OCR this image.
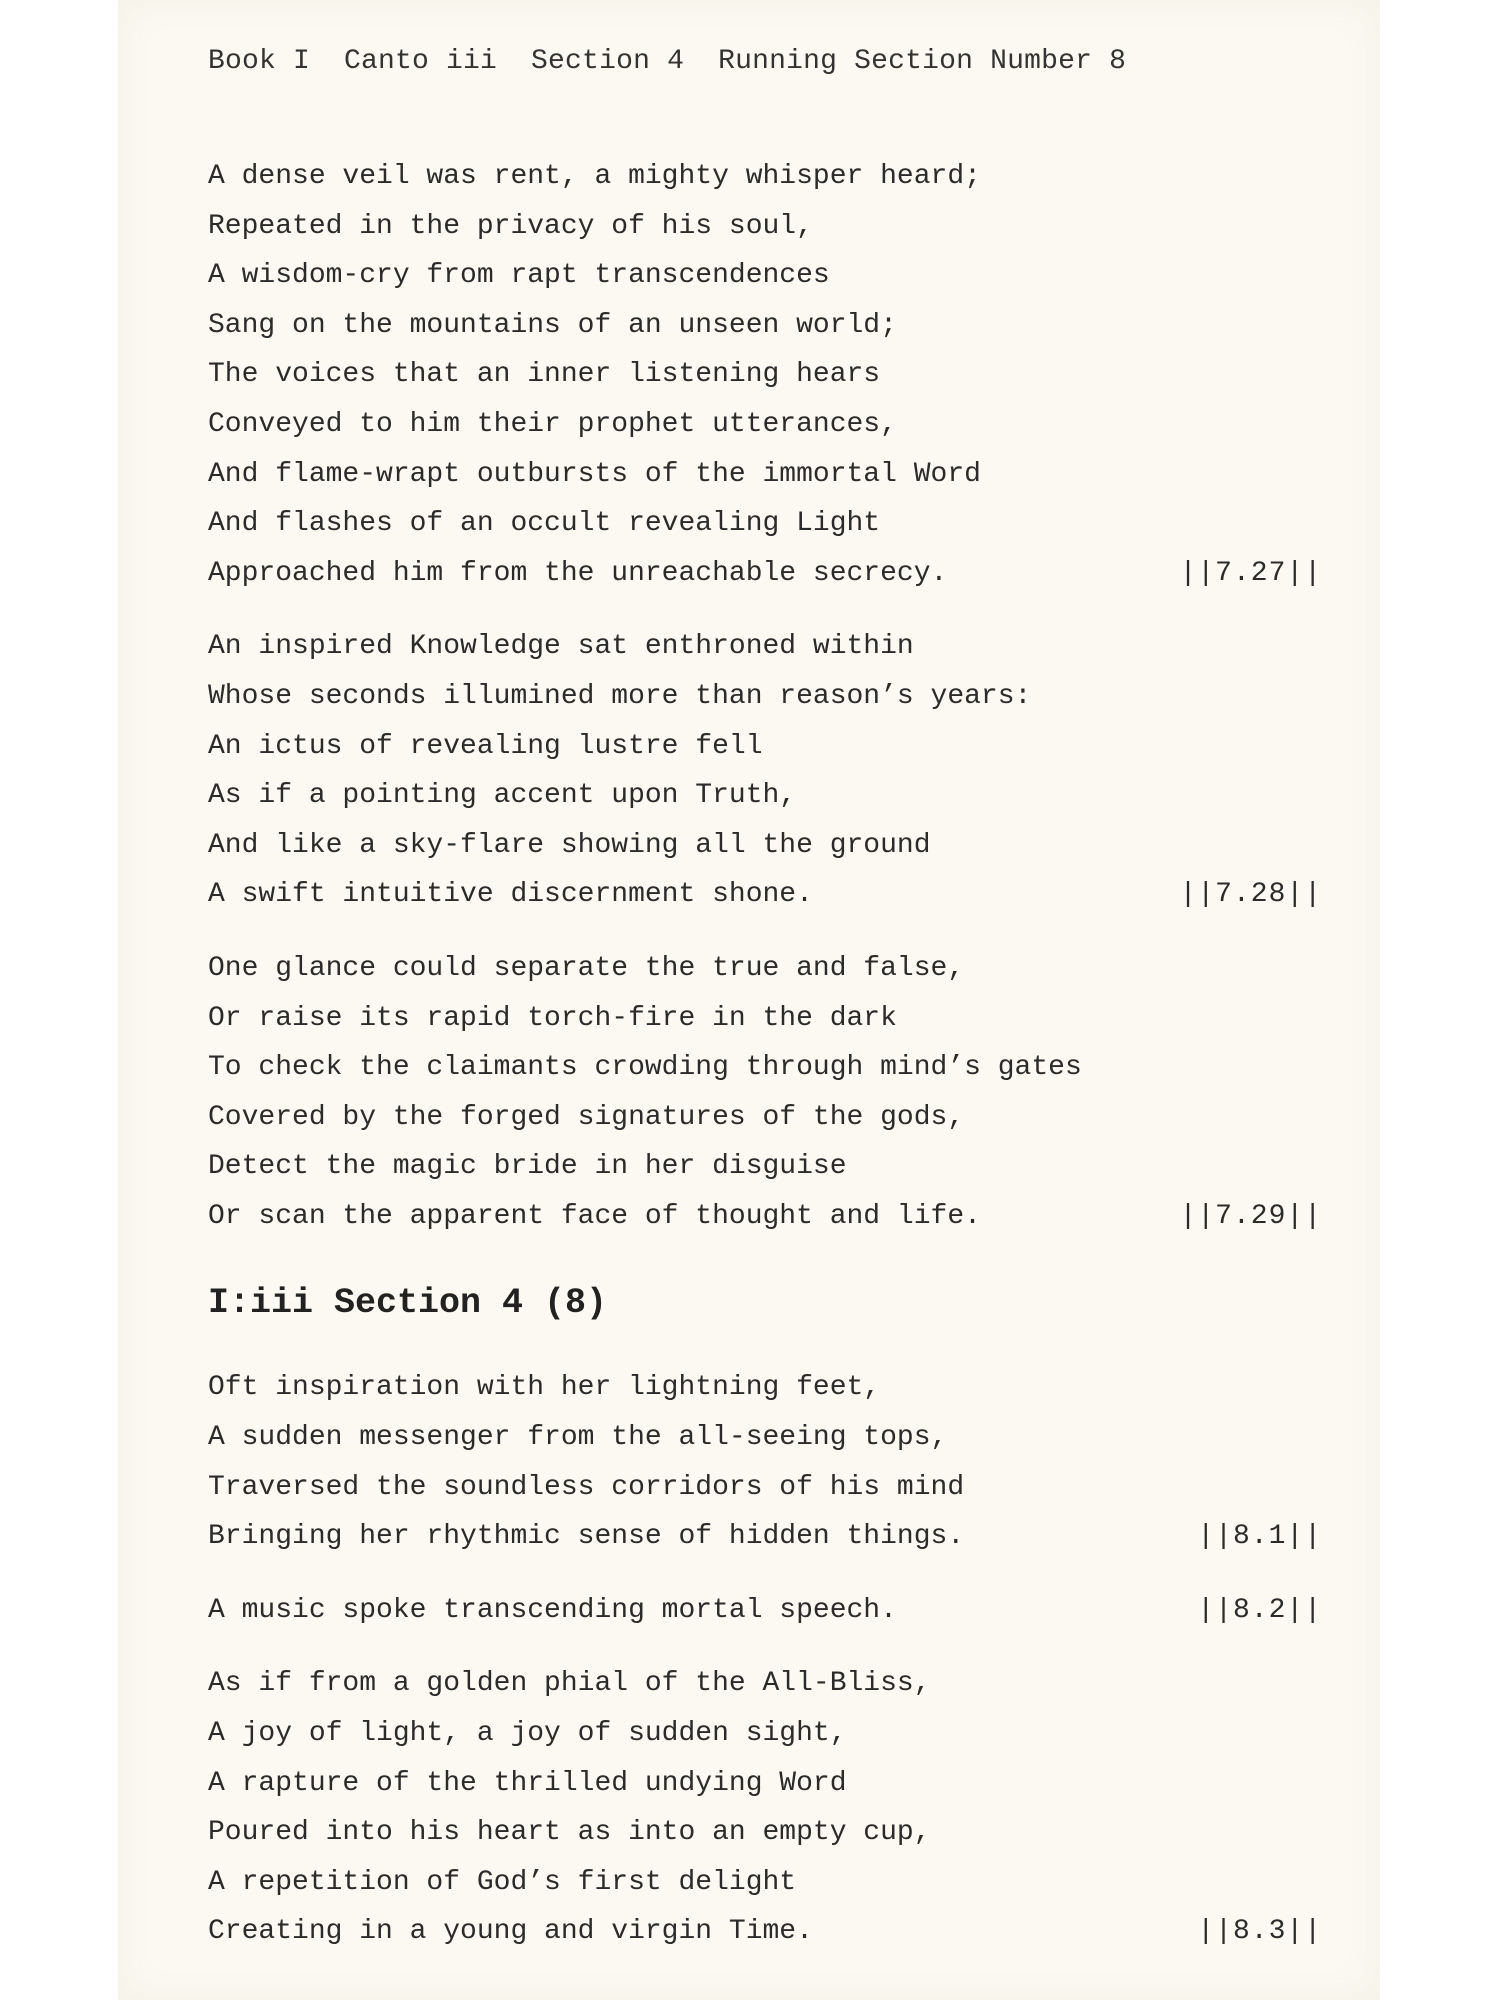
Book I  Canto iii  Section 4  Running Section Number 8
A dense veil was rent, a mighty whisper heard;
Repeated in the privacy of his soul,
A wisdom-cry from rapt transcendences
Sang on the mountains of an unseen world;
The voices that an inner listening hears
Conveyed to him their prophet utterances,
And flame-wrapt outbursts of the immortal Word
And flashes of an occult revealing Light
Approached him from the unreachable secrecy.	||7.27||
An inspired Knowledge sat enthroned within
Whose seconds illumined more than reason’s years:
An ictus of revealing lustre fell
As if a pointing accent upon Truth,
And like a sky-flare showing all the ground
A swift intuitive discernment shone.	||7.28||
One glance could separate the true and false,
Or raise its rapid torch-fire in the dark
To check the claimants crowding through mind’s gates
Covered by the forged signatures of the gods,
Detect the magic bride in her disguise
Or scan the apparent face of thought and life.	||7.29||
I:iii Section 4 (8)
Oft inspiration with her lightning feet,
A sudden messenger from the all-seeing tops,
Traversed the soundless corridors of his mind
Bringing her rhythmic sense of hidden things.	||8.1||
A music spoke transcending mortal speech.	||8.2||
As if from a golden phial of the All-Bliss,
A joy of light, a joy of sudden sight,
A rapture of the thrilled undying Word
Poured into his heart as into an empty cup,
A repetition of God’s first delight
Creating in a young and virgin Time.	||8.3||
